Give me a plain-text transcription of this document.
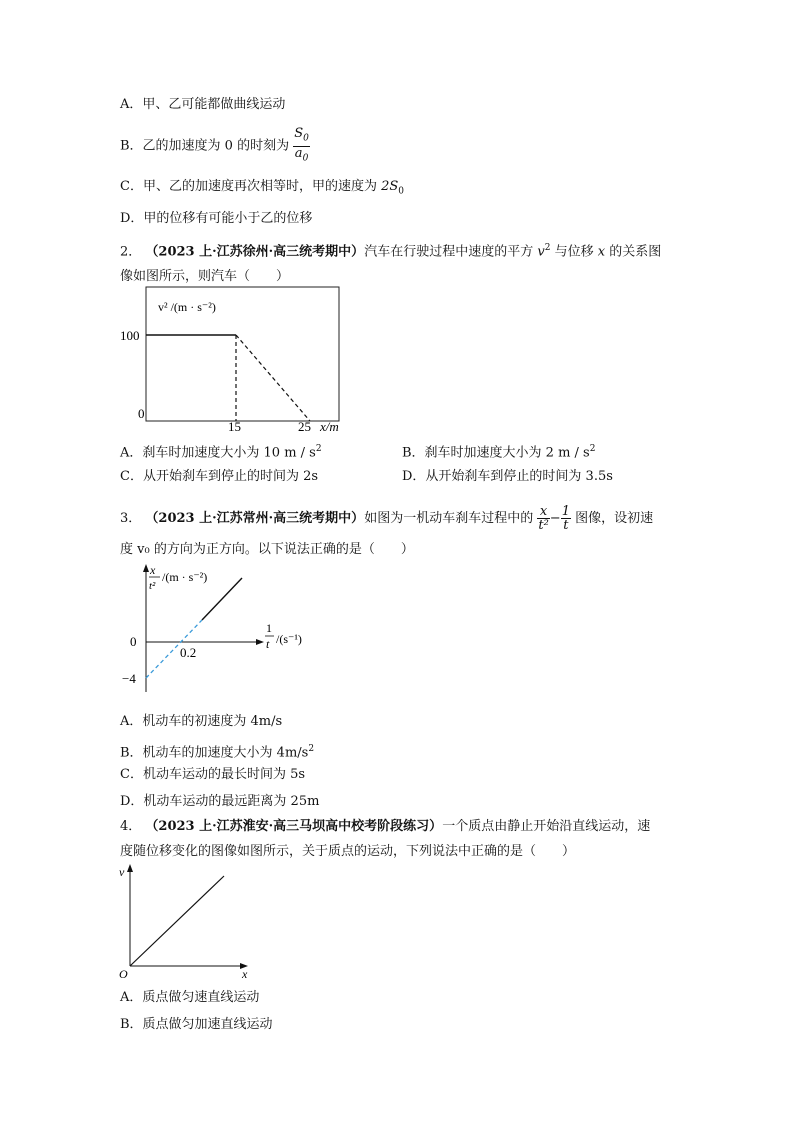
A．甲、乙可能都做曲线运动
B．乙的加速度为 0 的时刻为 $\frac{S_0}{a_0}$
C．甲、乙的加速度再次相等时，甲的速度为 $2S_0$
D．甲的位移有可能小于乙的位移
2． （2023 上·江苏徐州·高三统考期中）汽车在行驶过程中速度的平方 $v^2$ 与位移 x 的关系图
像如图所示，则汽车（　　）
v² /(m · s⁻²)
100
0
15	25 x/m
A．刹车时加速度大小为 10 m / $s^2$	B．刹车时加速度大小为 2 m / $s^2$
C．从开始刹车到停止的时间为 2s	D．从开始刹车到停止的时间为 3.5s
3． （2023 上·江苏常州·高三统考期中）如图为一机动车刹车过程中的 $\frac{x}{\text{t²}} - \frac{1}{t}$ 图像，设初速
度 v₀ 的方向为正方向。以下说法正确的是（　　）
x
t²
/(m · s⁻²)
1
t /(s⁻¹)
0
0.2
−4
A．机动车的初速度为 4m/s
B．机动车的加速度大小为 $4m/s^2$
C．机动车运动的最长时间为 5s
D．机动车运动的最远距离为 25m
4． （2023 上·江苏淮安·高三马坝高中校考阶段练习）一个质点由静止开始沿直线运动，速
度随位移变化的图像如图所示，关于质点的运动，下列说法中正确的是（　　）
v
x
O
A．质点做匀速直线运动
B．质点做匀加速直线运动
